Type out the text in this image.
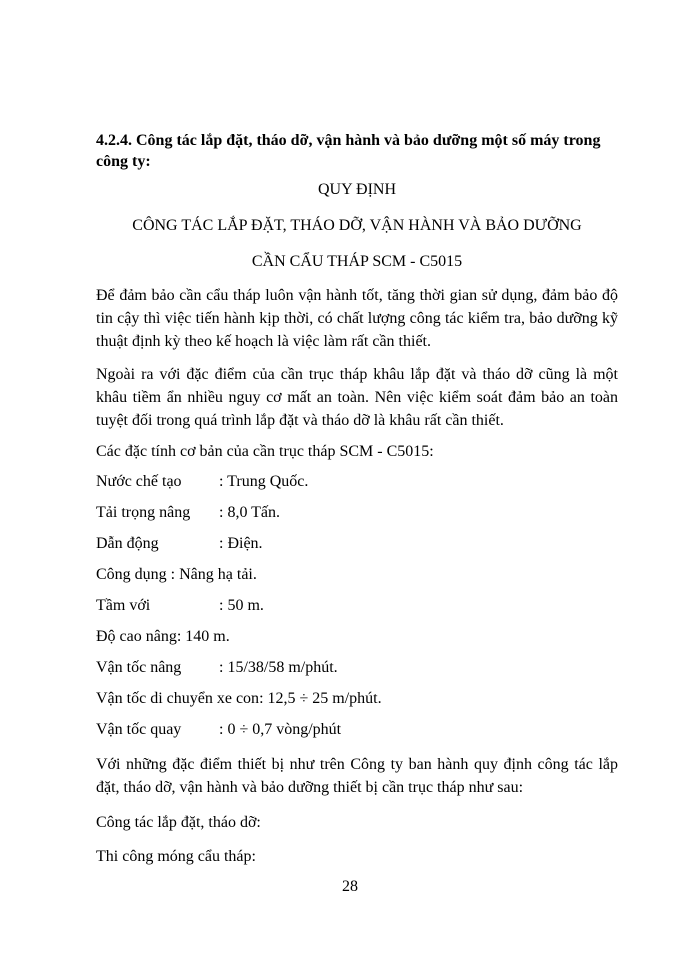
4.2.4. Công tác lắp đặt, tháo dỡ, vận hành và bảo dưỡng một số máy trong công ty:

QUY ĐỊNH

CÔNG TÁC LẮP ĐẶT, THÁO DỠ, VẬN HÀNH VÀ BẢO DƯỠNG

CẦN CẨU THÁP SCM - C5015

Để đảm bảo cần cẩu tháp luôn vận hành tốt, tăng thời gian sử dụng, đảm bảo độ tin cậy thì việc tiến hành kịp thời, có chất lượng công tác kiểm tra, bảo dưỡng kỹ thuật định kỳ theo kế hoạch là việc làm rất cần thiết.

Ngoài ra với đặc điểm của cần trục tháp khâu lắp đặt và tháo dỡ cũng là một khâu tiềm ẩn nhiều nguy cơ mất an toàn. Nên việc kiểm soát đảm bảo an toàn tuyệt đối trong quá trình lắp đặt và tháo dỡ là khâu rất cần thiết.

Các đặc tính cơ bản của cần trục tháp SCM - C5015:

Nước chế tạo	: Trung Quốc.
Tải trọng nâng	: 8,0 Tấn.
Dẫn động	: Điện.
Công dụng : Nâng hạ tải.
Tầm với	: 50 m.
Độ cao nâng : 140 m.
Vận tốc nâng	: 15/38/58 m/phút.
Vận tốc di chuyển xe con : 12,5 ÷ 25 m/phút.
Vận tốc quay	: 0 ÷ 0,7 vòng/phút

Với những đặc điểm thiết bị như trên Công ty ban hành quy định công tác lắp đặt, tháo dỡ, vận hành và bảo dưỡng thiết bị cần trục tháp như sau:

Công tác lắp đặt, tháo dỡ:

Thi công móng cẩu tháp:

28
